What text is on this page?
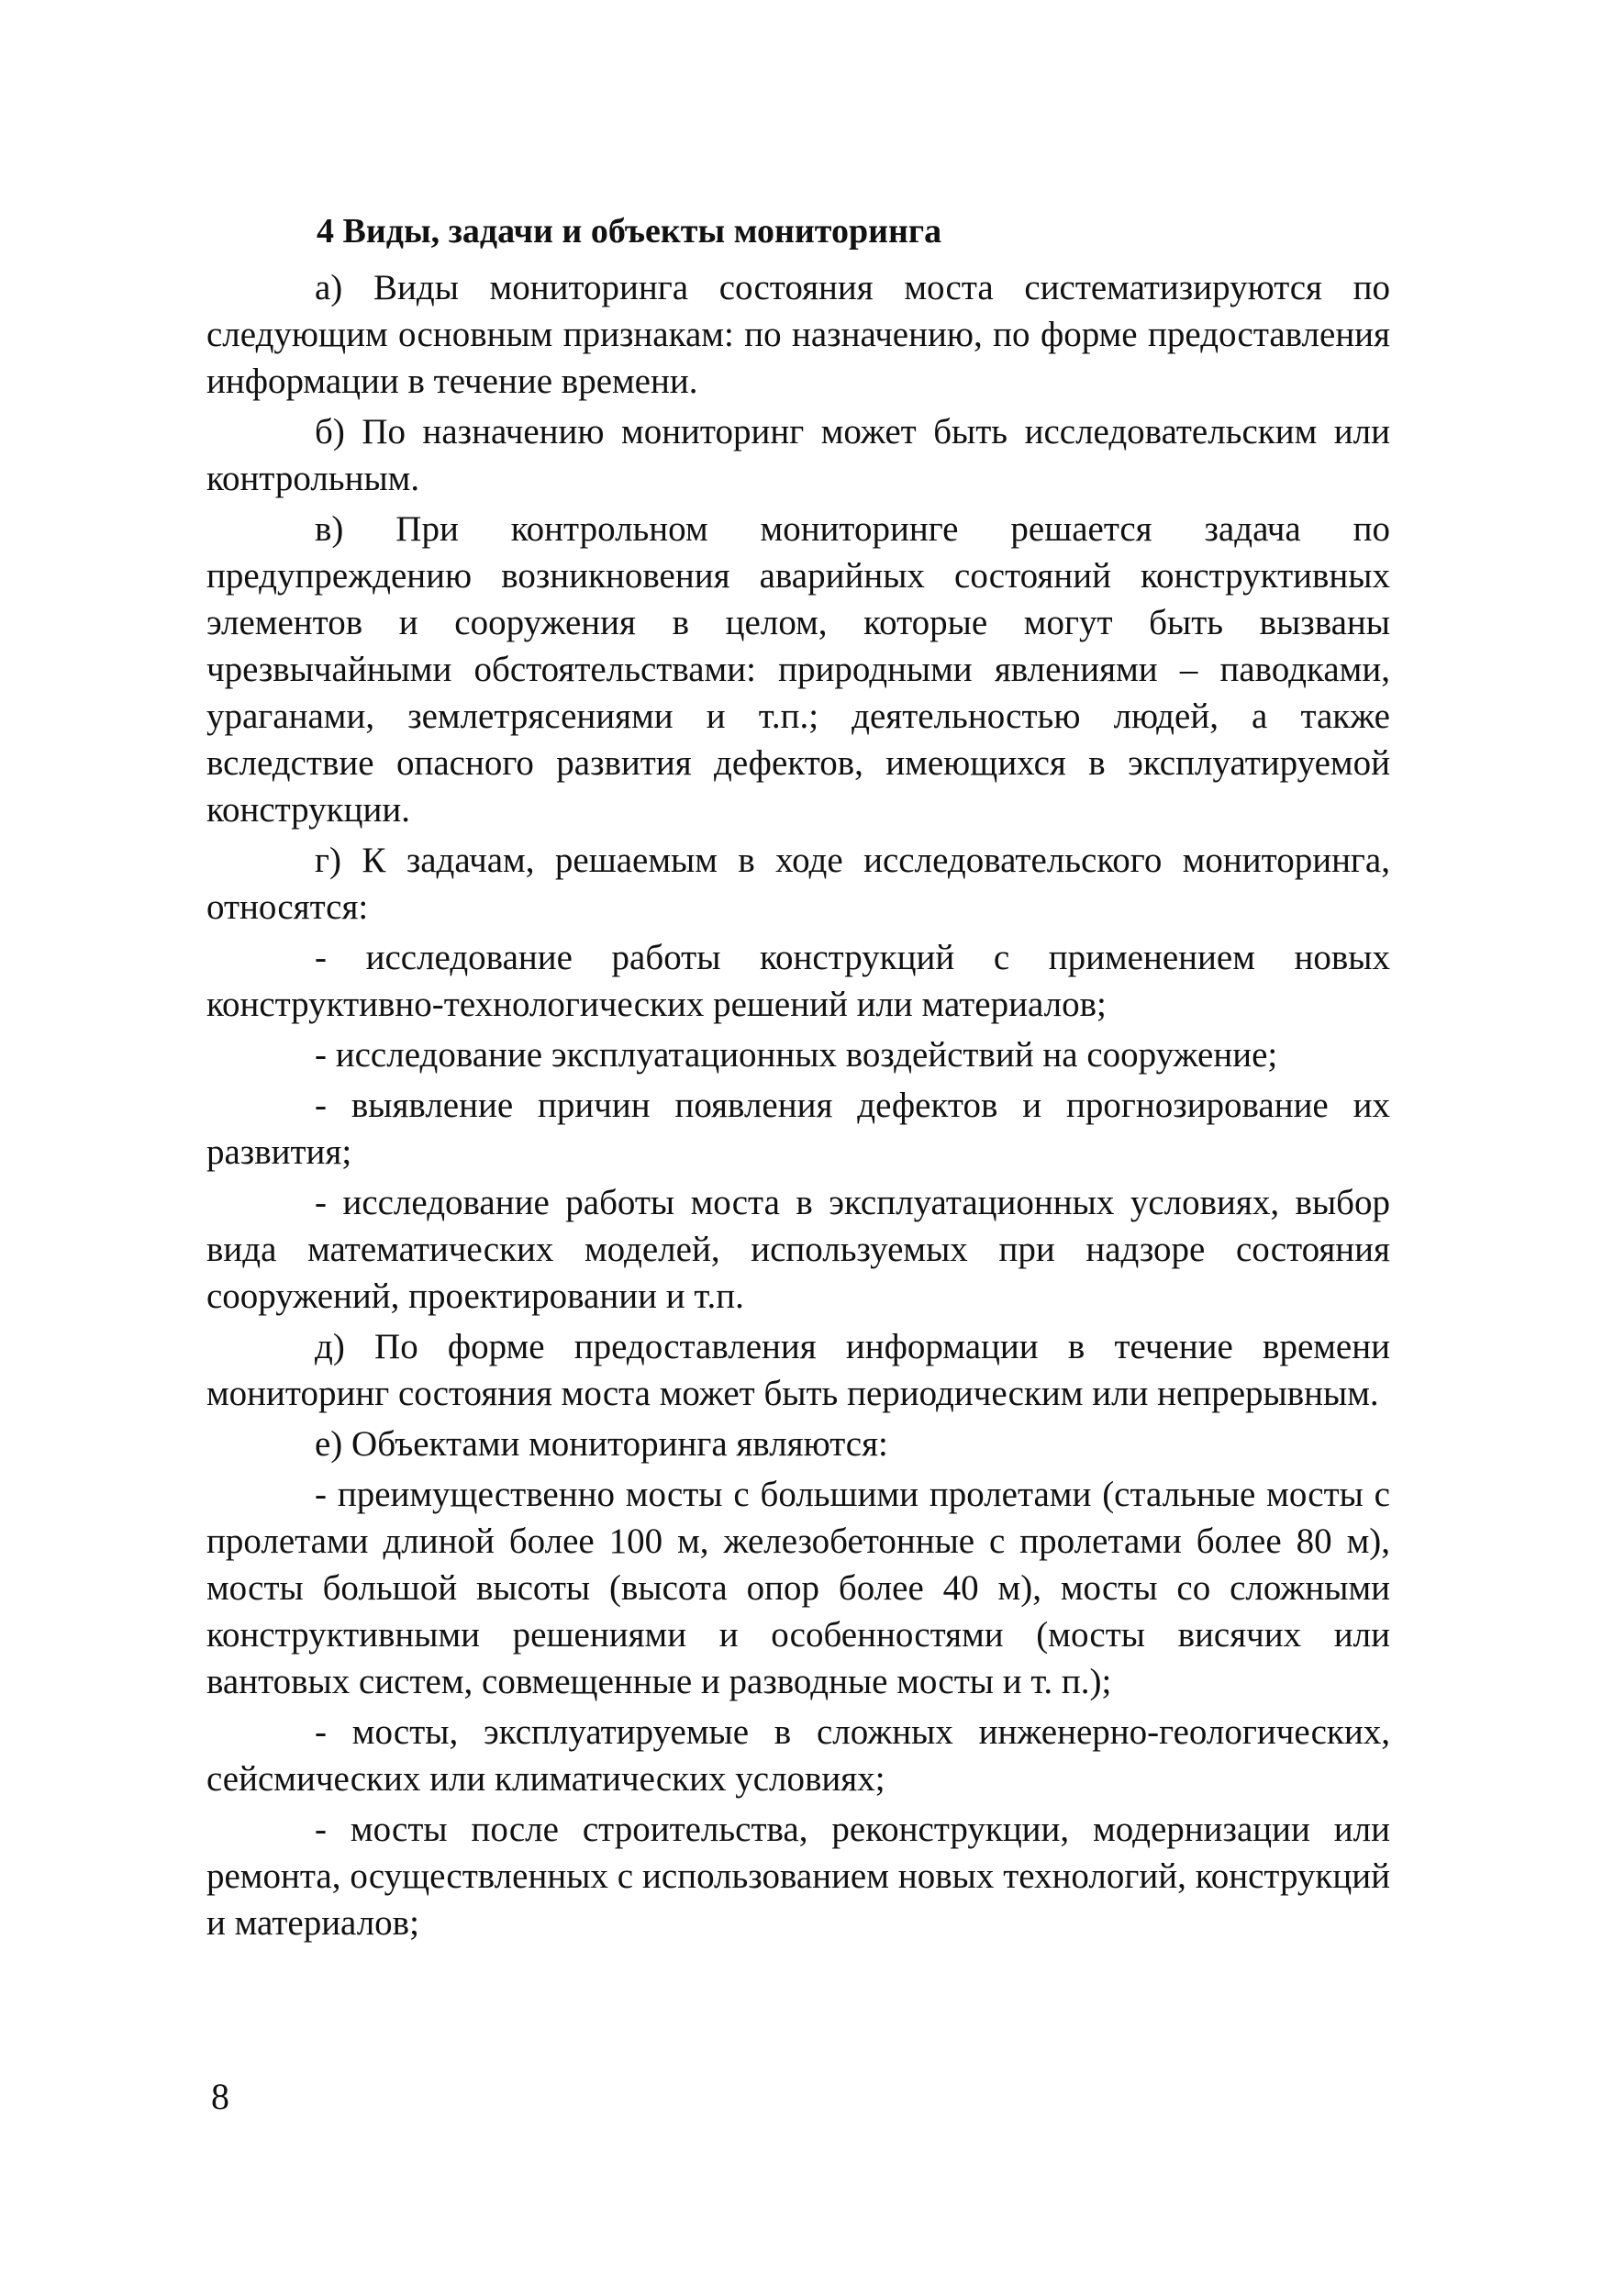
4 Виды, задачи и объекты мониторинга

а) Виды мониторинга состояния моста систематизируются по следующим основным признакам: по назначению, по форме предоставления информации в течение времени.

б) По назначению мониторинг может быть исследовательским или контрольным.

в) При контрольном мониторинге решается задача по предупреждению возникновения аварийных состояний конструктивных элементов и сооружения в целом, которые могут быть вызваны чрезвычайными обстоятельствами: природными явлениями – паводками, ураганами, землетрясениями и т.п.; деятельностью людей, а также вследствие опасного развития дефектов, имеющихся в эксплуатируемой конструкции.

г) К задачам, решаемым в ходе исследовательского мониторинга, относятся:

- исследование работы конструкций с применением новых конструктивно-технологических решений или материалов;

- исследование эксплуатационных воздействий на сооружение;

- выявление причин появления дефектов и прогнозирование их развития;

- исследование работы моста в эксплуатационных условиях, выбор вида математических моделей, используемых при надзоре состояния сооружений, проектировании и т.п.

д) По форме предоставления информации в течение времени мониторинг состояния моста может быть периодическим или непрерывным.

е) Объектами мониторинга являются:

- преимущественно мосты с большими пролетами (стальные мосты с пролетами длиной более 100 м, железобетонные с пролетами более 80 м), мосты большой высоты (высота опор более 40 м), мосты со сложными конструктивными решениями и особенностями (мосты висячих или вантовых систем, совмещенные и разводные мосты и т. п.);

- мосты, эксплуатируемые в сложных инженерно-геологических, сейсмических или климатических условиях;

- мосты после строительства, реконструкции, модернизации или ремонта, осуществленных с использованием новых технологий, конструкций и материалов;

8
